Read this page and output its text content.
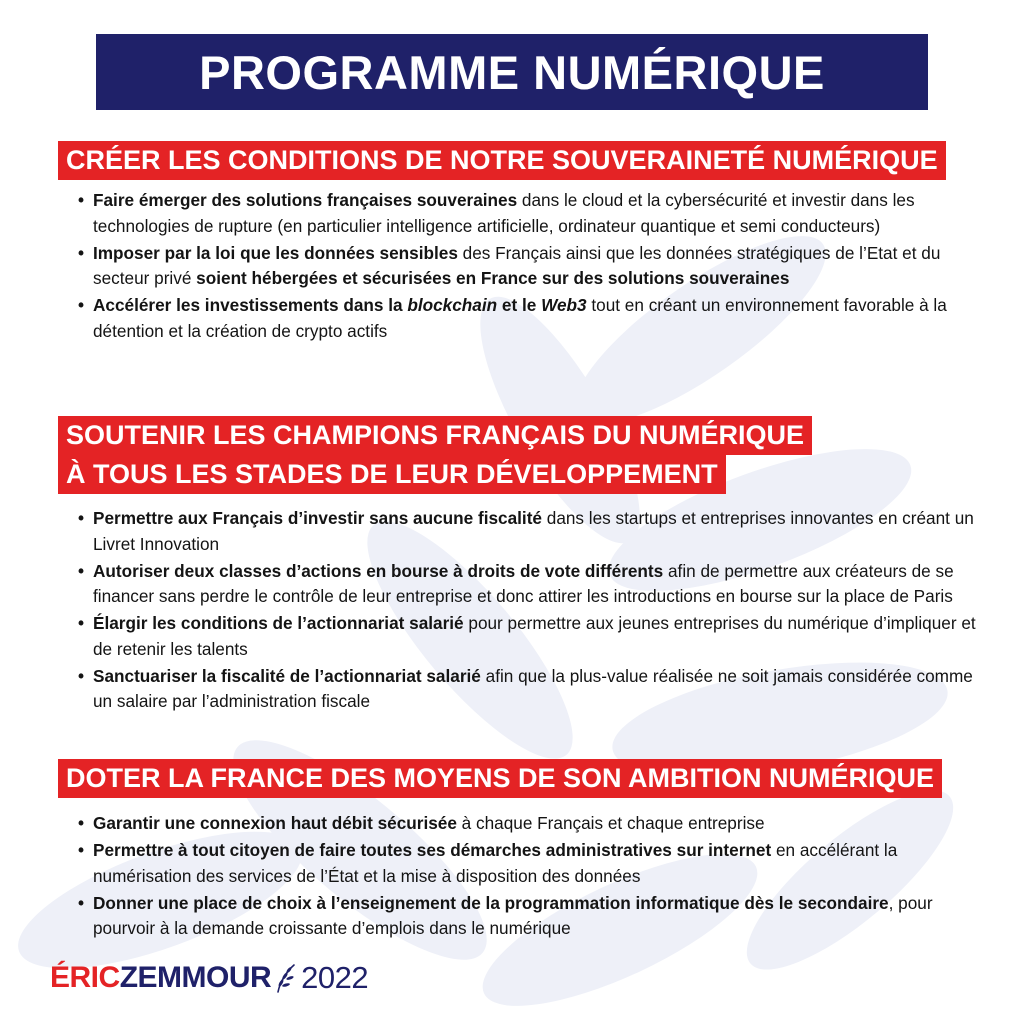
PROGRAMME NUMÉRIQUE
CRÉER LES CONDITIONS DE NOTRE SOUVERAINETÉ NUMÉRIQUE
• Faire émerger des solutions françaises souveraines dans le cloud et la cybersécurité et investir dans les technologies de rupture (en particulier intelligence artificielle, ordinateur quantique et semi conducteurs)
• Imposer par la loi que les données sensibles des Français ainsi que les données stratégiques de l’Etat et du secteur privé soient hébergées et sécurisées en France sur des solutions souveraines
• Accélérer les investissements dans la blockchain et le Web3 tout en créant un environnement favorable à la détention et la création de crypto actifs
SOUTENIR LES CHAMPIONS FRANÇAIS DU NUMÉRIQUE
À TOUS LES STADES DE LEUR DÉVELOPPEMENT
• Permettre aux Français d’investir sans aucune fiscalité dans les startups et entreprises innovantes en créant un Livret Innovation
• Autoriser deux classes d’actions en bourse à droits de vote différents afin de permettre aux créateurs de se financer sans perdre le contrôle de leur entreprise et donc attirer les introductions en bourse sur la place de Paris
• Élargir les conditions de l’actionnariat salarié pour permettre aux jeunes entreprises du numérique d’impliquer et de retenir les talents
• Sanctuariser la fiscalité de l’actionnariat salarié afin que la plus-value réalisée ne soit jamais considérée comme un salaire par l’administration fiscale
DOTER LA FRANCE DES MOYENS DE SON AMBITION NUMÉRIQUE
• Garantir une connexion haut débit sécurisée à chaque Français et chaque entreprise
• Permettre à tout citoyen de faire toutes ses démarches administratives sur internet en accélérant la numérisation des services de l’État et la mise à disposition des données
• Donner une place de choix à l’enseignement de la programmation informatique dès le secondaire, pour pourvoir à la demande croissante d’emplois dans le numérique
ÉRIC ZEMMOUR 2022
